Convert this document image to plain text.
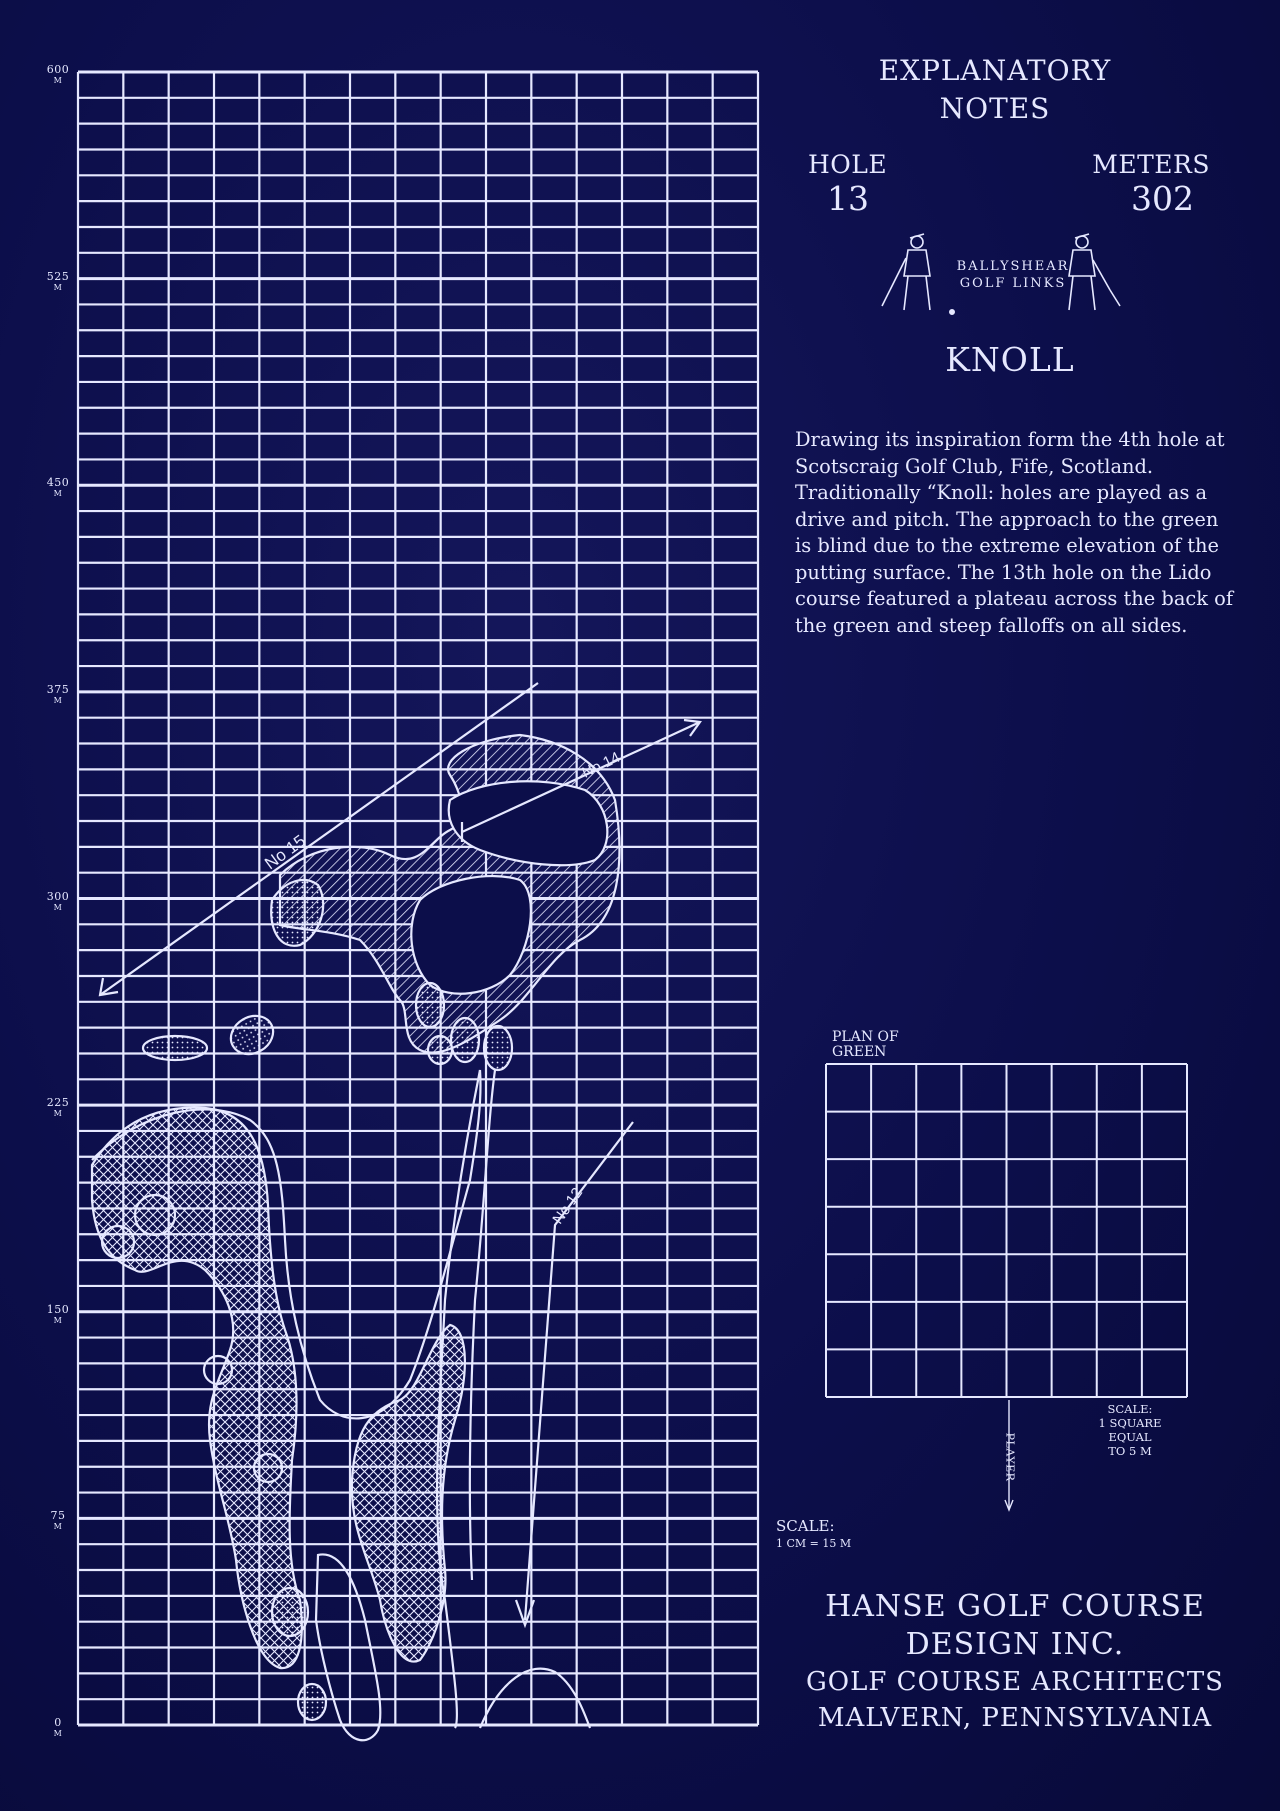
No 15
No 14
No 12
600
M
525
M
450
M
375
M
300
M
225
M
150
M
75
M
0
M
EXPLANATORY
NOTES
HOLE
13
METERS
302
BALLYSHEAR
GOLF LINKS
KNOLL
Drawing its inspiration form the 4th hole at Scotscraig Golf Club, Fife, Scotland. Traditionally “Knoll: holes are played as a drive and pitch. The approach to the green is blind due to the extreme elevation of the putting surface. The 13th hole on the Lido course featured a plateau across the back of the green and steep falloffs on all sides.
PLAN OF
GREEN
PLAYER
SCALE:
1 SQUARE
EQUAL
TO 5 M
SCALE:
1 CM = 15 M
HANSE GOLF COURSE
DESIGN INC.
GOLF COURSE ARCHITECTS
MALVERN, PENNSYLVANIA
